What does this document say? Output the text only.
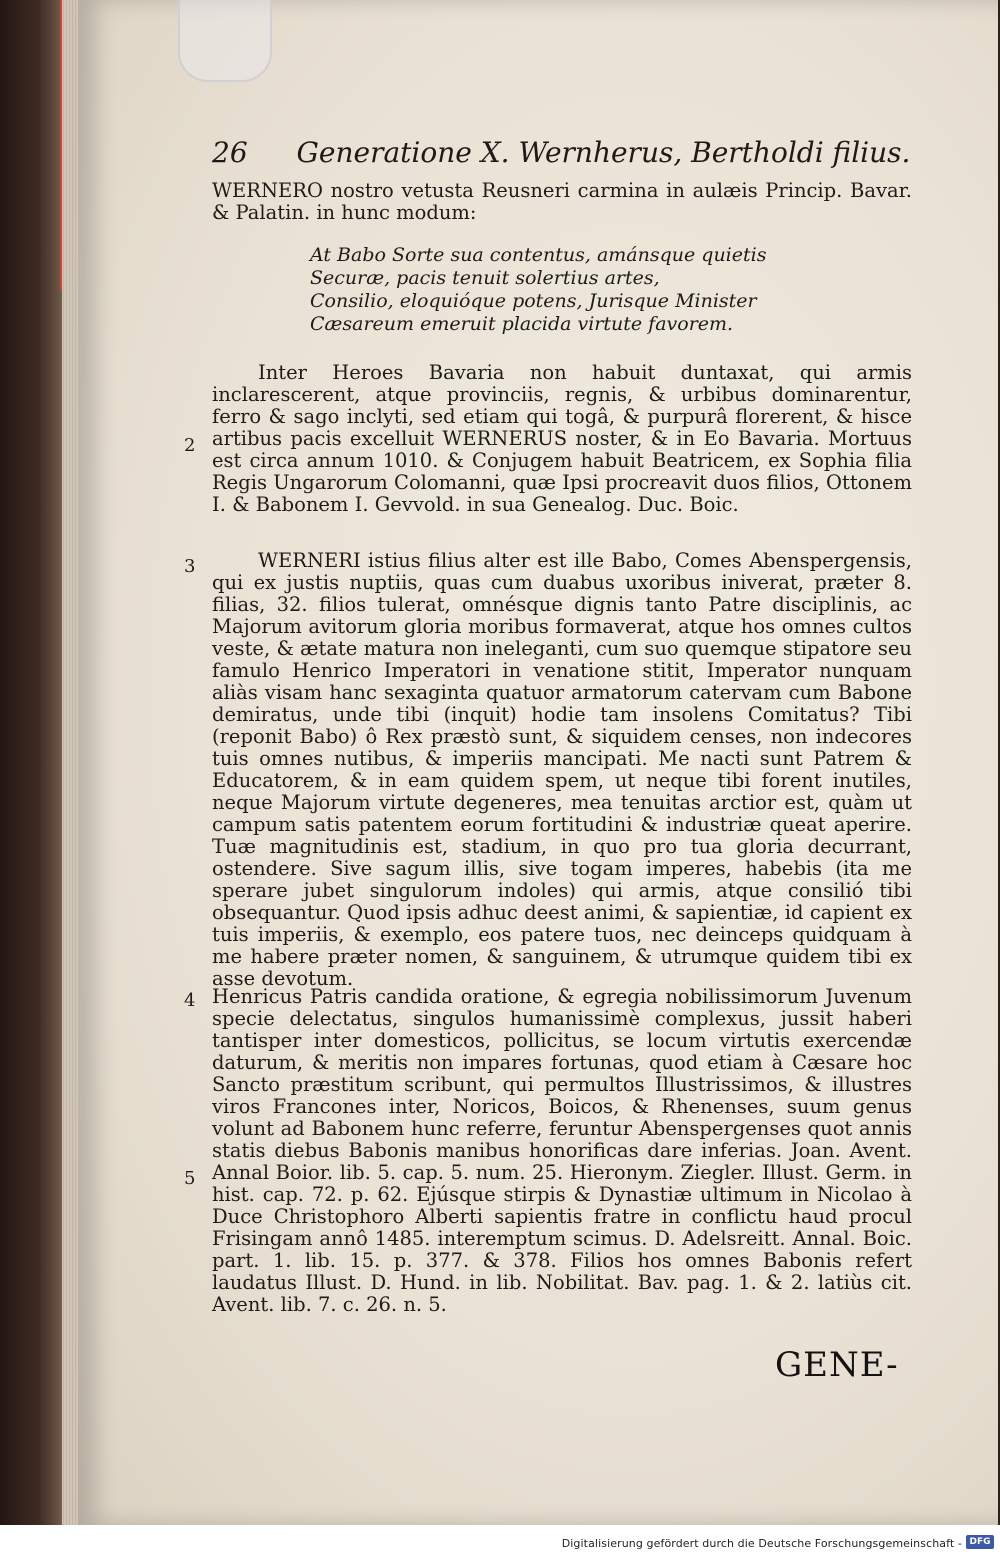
26 Generatione X. Wernherus, Bertholdi filius.

WERNERO nostro vetusta Reusneri carmina in aulæis Princip. Bavar. & Palatin. in hunc modum:

At Babo Sorte sua contentus, amánsque quietis
Securæ, pacis tenuit solertius artes,
Consilio, eloquióque potens, Jurisque Minister
Cæsareum emeruit placida virtute favorem.

Inter Heroes Bavaria non habuit duntaxat, qui armis inclarescerent, atque provinciis, regnis, & urbibus dominarentur, ferro & sago inclyti, sed etiam qui togâ, & purpurâ florerent, & hisce artibus pacis excelluit WERNERUS noster, & in Eo Bavaria. Mortuus est circa annum 1010. & Conjugem habuit Beatricem, ex Sophia filia Regis Ungarorum Colomanni, quæ Ipsi procreavit duos filios, Ottonem I. & Babonem I. Gevvold. in sua Genealog. Duc. Boic.

WERNERI istius filius alter est ille Babo, Comes Abenspergensis, qui ex justis nuptiis, quas cum duabus uxoribus iniverat, præter 8. filias, 32. filios tulerat, omnésque dignis tanto Patre disciplinis, ac Majorum avitorum gloria moribus formaverat, atque hos omnes cultos veste, & ætate matura non ineleganti, cum suo quemque stipatore seu famulo Henrico Imperatori in venatione stitit, Imperator nunquam aliàs visam hanc sexaginta quatuor armatorum catervam cum Babone demiratus, unde tibi (inquit) hodie tam insolens Comitatus? Tibi (reponit Babo) ô Rex præstò sunt, & siquidem censes, non indecores tuis omnes nutibus, & imperiis mancipati. Me nacti sunt Patrem & Educatorem, & in eam quidem spem, ut neque tibi forent inutiles, neque Majorum virtute degeneres, mea tenuitas arctior est, quàm ut campum satis patentem eorum fortitudini & industriæ queat aperire. Tuæ magnitudinis est, stadium, in quo pro tua gloria decurrant, ostendere. Sive sagum illis, sive togam imperes, habebis (ita me sperare jubet singulorum indoles) qui armis, atque consilió tibi obsequantur. Quod ipsis adhuc deest animi, & sapientiæ, id capient ex tuis imperiis, & exemplo, eos patere tuos, nec deinceps quidquam à me habere præter nomen, & sanguinem, & utrumque quidem tibi ex asse devotum.

Henricus Patris candida oratione, & egregia nobilissimorum Juvenum specie delectatus, singulos humanissimè complexus, jussit haberi tantisper inter domesticos, pollicitus, se locum virtutis exercendæ daturum, & meritis non impares fortunas, quod etiam à Cæsare hoc Sancto præstitum scribunt, qui permultos Illustrissimos, & illustres viros Francones inter, Noricos, Boicos, & Rhenenses, suum genus volunt ad Babonem hunc referre, feruntur Abenspergenses quot annis statis diebus Babonis manibus honorificas dare inferias. Joan. Avent. Annal Boior. lib. 5. cap. 5. num. 25. Hieronym. Ziegler. Illust. Germ. in hist. cap. 72. p. 62. Ejúsque stirpis & Dynastiæ ultimum in Nicolao à Duce Christophoro Alberti sapientis fratre in conflictu haud procul Frisingam annô 1485. interemptum scimus. D. Adelsreitt. Annal. Boic. part. 1. lib. 15. p. 377. & 378. Filios hos omnes Babonis refert laudatus Illust. D. Hund. in lib. Nobilitat. Bav. pag. 1. & 2. latiùs cit. Avent. lib. 7. c. 26. n. 5.

2
3
4
5
GENE-
Digitalisierung gefördert durch die Deutsche Forschungsgemeinschaft - DFG
